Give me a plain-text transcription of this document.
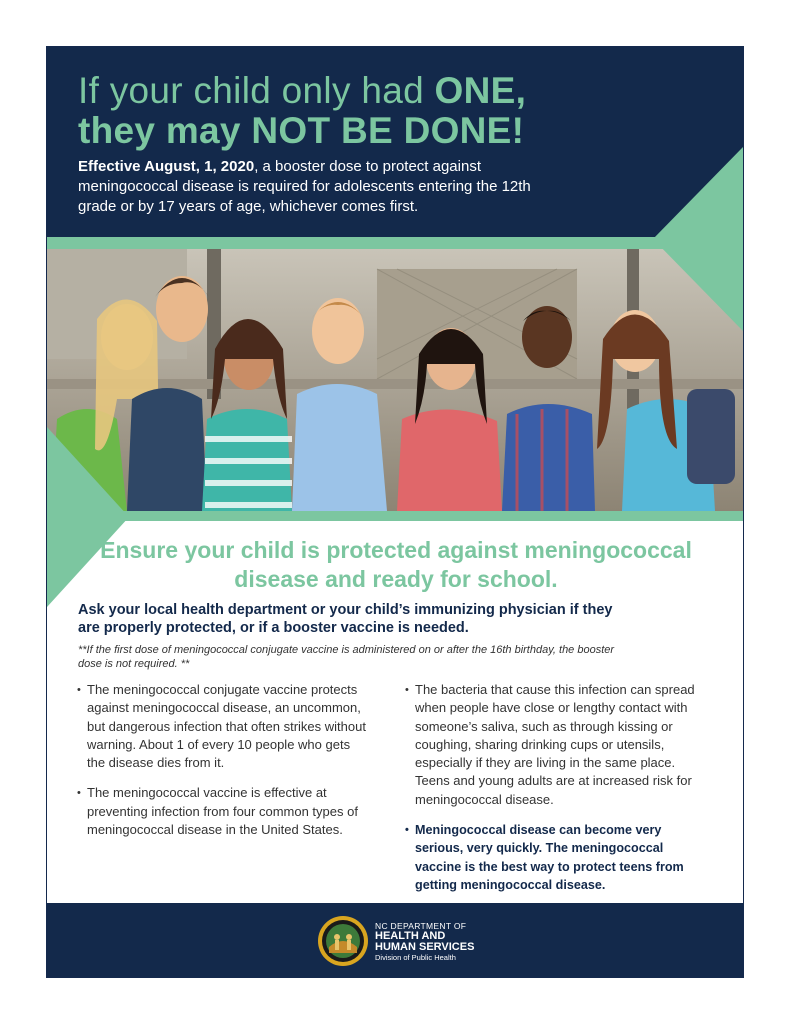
If your child only had ONE,
they may NOT BE DONE!

Effective August, 1, 2020, a booster dose to protect against meningococcal disease is required for adolescents entering the 12th grade or by 17 years of age, whichever comes first.

Ensure your child is protected against meningococcal disease and ready for school.

Ask your local health department or your child’s immunizing physician if they are properly protected, or if a booster vaccine is needed.

**If the first dose of meningococcal conjugate vaccine is administered on or after the 16th birthday, the booster dose is not required. **

• The meningococcal conjugate vaccine protects against meningococcal disease, an uncommon, but dangerous infection that often strikes without warning. About 1 of every 10 people who gets the disease dies from it.
• The meningococcal vaccine is effective at preventing infection from four common types of meningococcal disease in the United States.
• The bacteria that cause this infection can spread when people have close or lengthy contact with someone’s saliva, such as through kissing or coughing, sharing drinking cups or utensils, especially if they are living in the same place. Teens and young adults are at increased risk for meningococcal disease.
• Meningococcal disease can become very serious, very quickly. The meningococcal vaccine is the best way to protect teens from getting meningococcal disease.
NC DEPARTMENT OF
HEALTH AND
HUMAN SERVICES
Division of Public Health
